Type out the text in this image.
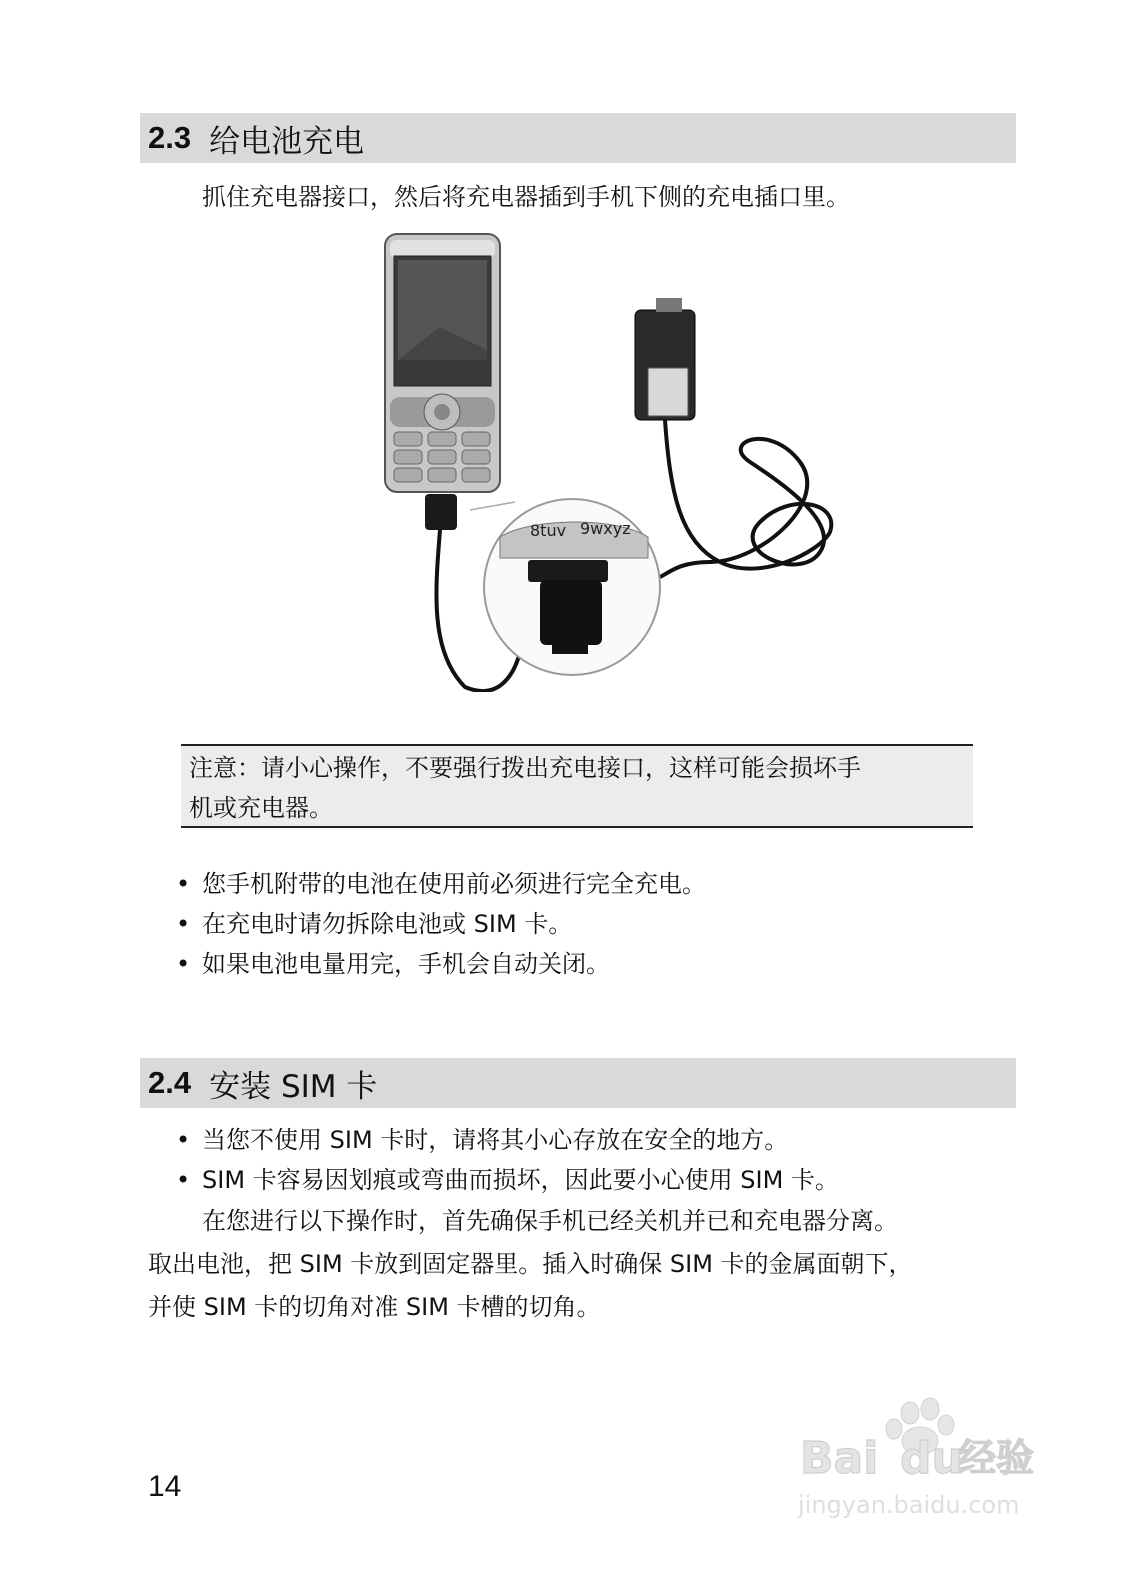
2.3 给电池充电
抓住充电器接口，然后将充电器插到手机下侧的充电插口里。
8tuv 9wxyz
注意：请小心操作，不要强行拨出充电接口，这样可能会损坏手
机或充电器。
• 您手机附带的电池在使用前必须进行完全充电。
• 在充电时请勿拆除电池或 SIM 卡。
• 如果电池电量用完，手机会自动关闭。
2.4 安装 SIM 卡
• 当您不使用 SIM 卡时，请将其小心存放在安全的地方。
• SIM 卡容易因划痕或弯曲而损坏，因此要小心使用 SIM 卡。
在您进行以下操作时，首先确保手机已经关机并已和充电器分离。
取出电池，把 SIM 卡放到固定器里。插入时确保 SIM 卡的金属面朝下，
并使 SIM 卡的切角对准 SIM 卡槽的切角。
14
Bai du
经验
jingyan.baidu.com
